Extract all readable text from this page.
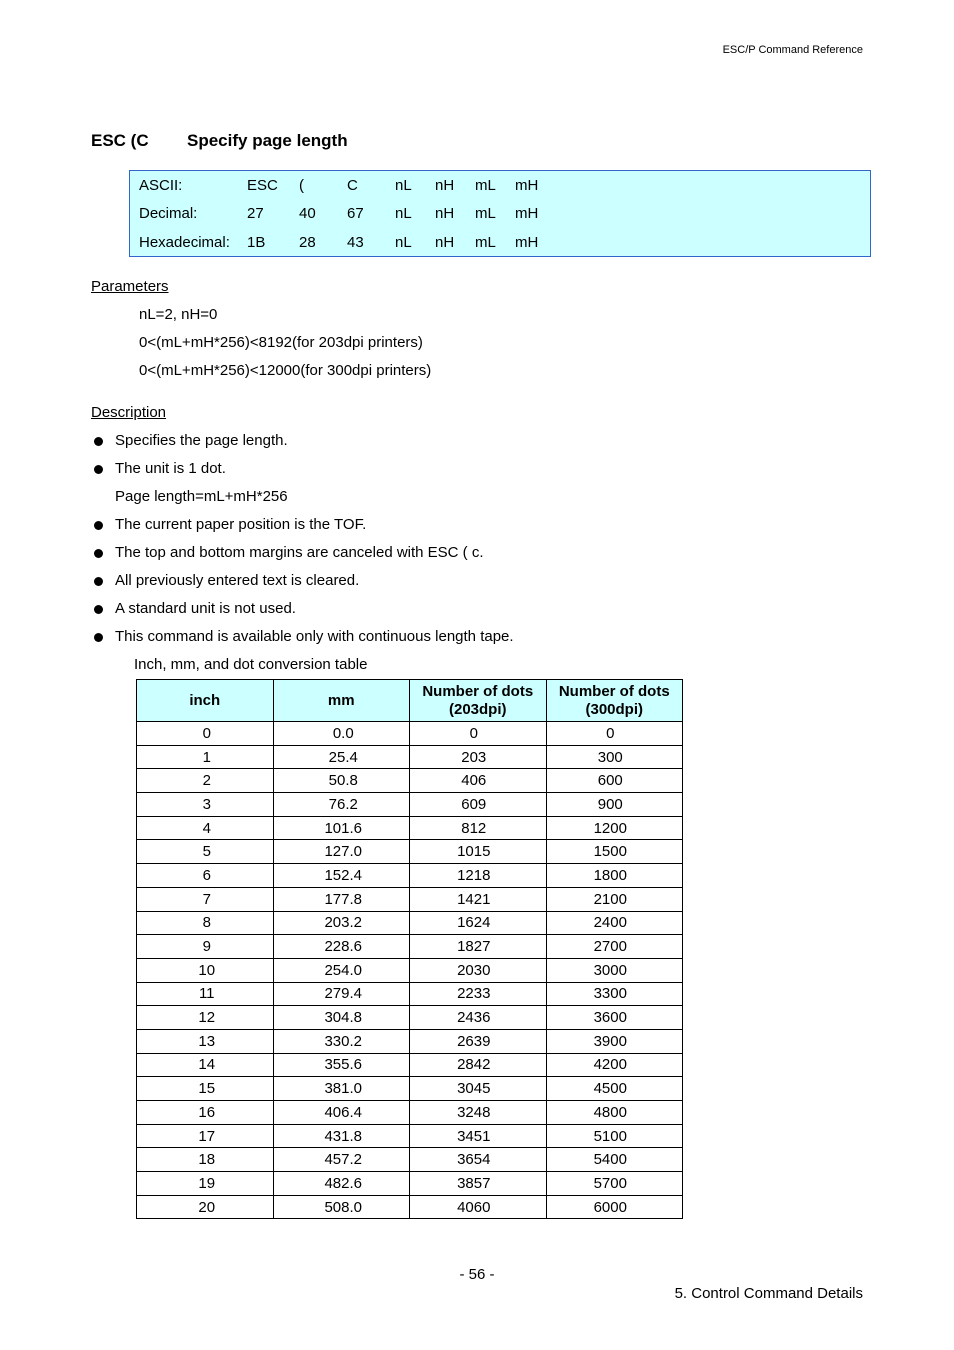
ESC/P Command Reference
ESC (C Specify page length
ASCII:	ESC (	C nL nH mL mH
Decimal:	27 40 67 nL nH mL mH
Hexadecimal: 1B 28 43 nL nH mL mH
Parameters
nL=2, nH=0
0<(mL+mH*256)<8192(for 203dpi printers)
0<(mL+mH*256)<12000(for 300dpi printers)
Description
Specifies the page length.
The unit is 1 dot.
Page length=mL+mH*256
The current paper position is the TOF.
The top and bottom margins are canceled with ESC ( c.
All previously entered text is cleared.
A standard unit is not used.
This command is available only with continuous length tape.
Inch, mm, and dot conversion table
inch	mm	Number of dots
(203dpi)	Number of dots
(300dpi)
0	0.0	0	0
1	25.4	203	300
2	50.8	406	600
3	76.2	609	900
4	101.6	812	1200
5	127.0	1015	1500
6	152.4	1218	1800
7	177.8	1421	2100
8	203.2	1624	2400
9	228.6	1827	2700
10	254.0	2030	3000
11	279.4	2233	3300
12	304.8	2436	3600
13	330.2	2639	3900
14	355.6	2842	4200
15	381.0	3045	4500
16	406.4	3248	4800
17	431.8	3451	5100
18	457.2	3654	5400
19	482.6	3857	5700
20	508.0	4060	6000
- 56 -
5. Control Command Details
